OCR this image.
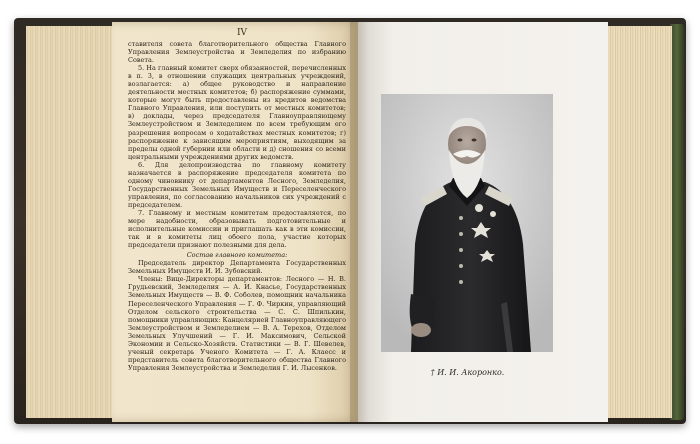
IV

ставителя совета благотворительного общества Главного Управления Землеустройства и Земледелия по избранию Совета.

5. На главный комитет сверх обязанностей, перечисленных в п. 3, в отношении служащих центральных учреждений, возлагается: а) общее руководство и направление деятельности местных комитетов; б) распоряжение суммами, которые могут быть предоставлены из кредитов ведомства Главного Управления, или поступить от местных комитетов; в) доклады, через председателя Главноуправляющему Землеустройством и Земледелием по всем требующим его разрешения вопросам о ходатайствах местных комитетов; г) распоряжение к зависящим мероприятиям, выходящим за пределы одной губернии или области и д) сношения со всеми центральными учреждениями других ведомств.

6. Для делопроизводства по главному комитету назначается в распоряжение председателя комитета по одному чиновнику от департаментов Лесного, Земледелия, Государственных Земельных Имуществ и Переселенческого управления, по согласованию начальников сих учреждений с председателем.

7. Главному и местным комитетам предоставляется, по мере надобности, образовывать подготовительные и исполнительные комиссии и приглашать как в эти комиссии, так и в комитеты лиц обоего пола, участие которых председатели признают полезными для дела.

Состав главного комитета:

Председатель директор Департамента Государственных Земельных Имуществ И. И. Зубовский.

Члены: Вице-Директоры департаментов: Лесного — Н. В. Грудьевский, Земледелия — А. И. Кнасье, Государственных Земельных Имуществ — В. Ф. Соболев, помощник начальника Переселенческого Управления — Г. Ф. Чиркин, управляющий Отделом сельского строительства — С. С. Шпилькин, помощники управляющих: Канцелярией Главноуправляющего Землеустройством и Земледелием — В. А. Терехов, Отделом Земельных Улучшений — Г. И. Максимович, Сельской Экономии и Сельско-Хозяйств. Статистики — В. Г. Шевелев, ученый секретарь Ученого Комитета — Г. А. Клаесс и представитель совета благотворительного общества Главного Управления Землеустройства и Земледелия Г. И. Лысенков.

† И. И. Акоронко.
